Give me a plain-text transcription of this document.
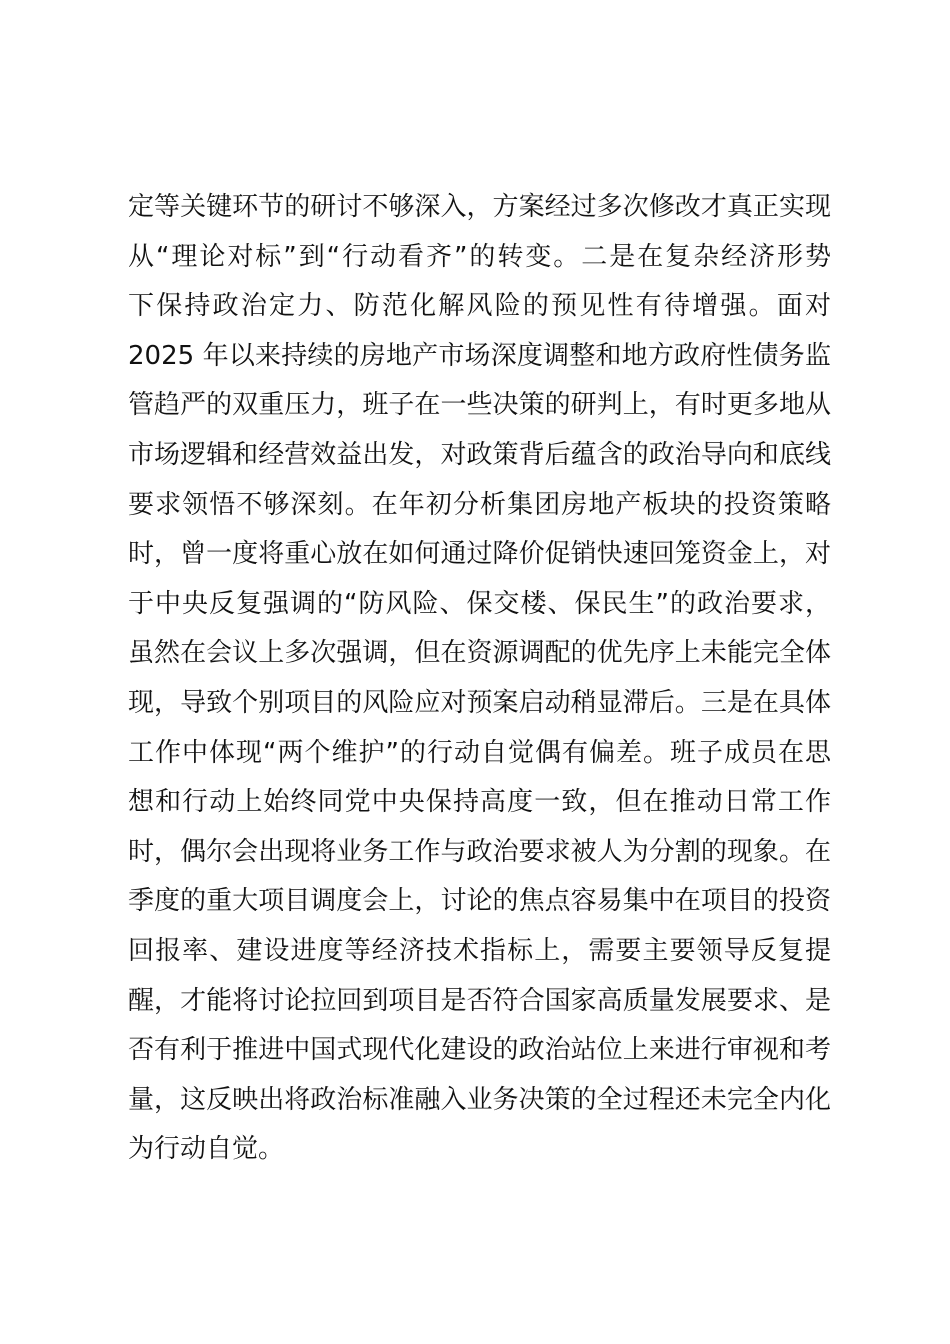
定等关键环节的研讨不够深入，方案经过多次修改才真正实现
从“理论对标”到“行动看齐”的转变。二是在复杂经济形势
下保持政治定力、防范化解风险的预见性有待增强。面对
2025 年以来持续的房地产市场深度调整和地方政府性债务监
管趋严的双重压力，班子在一些决策的研判上，有时更多地从
市场逻辑和经营效益出发，对政策背后蕴含的政治导向和底线
要求领悟不够深刻。在年初分析集团房地产板块的投资策略
时，曾一度将重心放在如何通过降价促销快速回笼资金上，对
于中央反复强调的“防风险、保交楼、保民生”的政治要求，
虽然在会议上多次强调，但在资源调配的优先序上未能完全体
现，导致个别项目的风险应对预案启动稍显滞后。三是在具体
工作中体现“两个维护”的行动自觉偶有偏差。班子成员在思
想和行动上始终同党中央保持高度一致，但在推动日常工作
时，偶尔会出现将业务工作与政治要求被人为分割的现象。在
季度的重大项目调度会上，讨论的焦点容易集中在项目的投资
回报率、建设进度等经济技术指标上，需要主要领导反复提
醒，才能将讨论拉回到项目是否符合国家高质量发展要求、是
否有利于推进中国式现代化建设的政治站位上来进行审视和考
量，这反映出将政治标准融入业务决策的全过程还未完全内化
为行动自觉。
